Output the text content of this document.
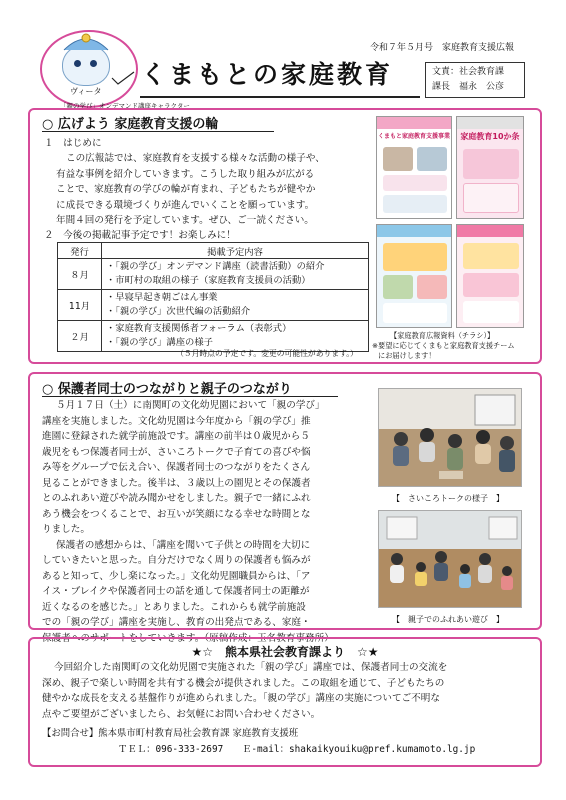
令和７年５月号　家庭教育支援広報
ヴィータ
「親の学び」オンデマンド講座キャラクター
くまもとの家庭教育	文責：社会教育課
課長　福永　公彦
○ 広げよう 家庭教育支援の輪
１　はじめに
この広報誌では、家庭教育を支援する様々な活動の様子や、
有益な事例を紹介していきます。こうした取り組みが広がる
ことで、家庭教育の学びの輪が育まれ、子どもたちが健やか
に成長できる環境づくりが進んでいくことを願っています。
年間４回の発行を予定しています。ぜひ、ご一読ください。
２　今後の掲載記事予定です！お楽しみに！
発行	掲載予定内容
８月	・「親の学び」オンデマンド講座（読書活動）の紹介
・市町村の取組の様子（家庭教育支援員の活動）

11月	・早寝早起き朝ごはん事業
・「親の学び」次世代編の活動紹介

２月	・家庭教育支援関係者フォーラム（表彰式）
・「親の学び」講座の様子
（５月時点の予定です。変更の可能性があります。）
くまもと家庭教育支援事業	家庭教育10か条
【家庭教育広報資料（チラシ）】
※要望に応じてくまもと家庭教育支援チーム
にお届けします！
○ 保護者同士のつながりと親子のつながり
５月１７日（土）に南関町の文化幼児園において「親の学び」
講座を実施しました。文化幼児園は今年度から「親の学び」推
進園に登録された就学前施設です。講座の前半は０歳児から５
歳児をもつ保護者同士が、さいころトークで子育ての喜びや悩
み等をグループで伝え合い、保護者同士のつながりをたくさん
見ることができました。後半は、３歳以上の園児とその保護者
とのふれあい遊びや読み聞かせをしました。親子で一緒にふれ
あう機会をつくることで、お互いが笑顔になる幸せな時間とな
りました。
保護者の感想からは、「講座を聞いて子供との時間を大切に
していきたいと思った。自分だけでなく周りの保護者も悩みが
あると知って、少し楽になった。」文化幼児園職員からは、「ア
イス・ブレイクや保護者同士の話を通して保護者同士の距離が
近くなるのを感じた。」とありました。これからも就学前施設
での「親の学び」講座を実施し、教育の出発点である、家庭・
保護者へのサポートをしていきます。（原稿作成：玉名教育事務所）
【　さいころトークの様子　】
【　親子でのふれあい遊び　】
★☆　熊本県社会教育課より　☆★
今回紹介した南関町の文化幼児園で実施された「親の学び」講座では、保護者同士の交流を
深め、親子で楽しい時間を共有する機会が提供されました。この取組を通じて、子どもたちの
健やかな成長を支える基盤作りが進められました。「親の学び」講座の実施についてご不明な
点やご要望がございましたら、お気軽にお問い合わせください。
【お問合せ】熊本県市町村教育局社会教育課 家庭教育支援班
ＴＥＬ：096-333-2697　　Ｅ-mail：shakaikyouiku@pref.kumamoto.lg.jp
